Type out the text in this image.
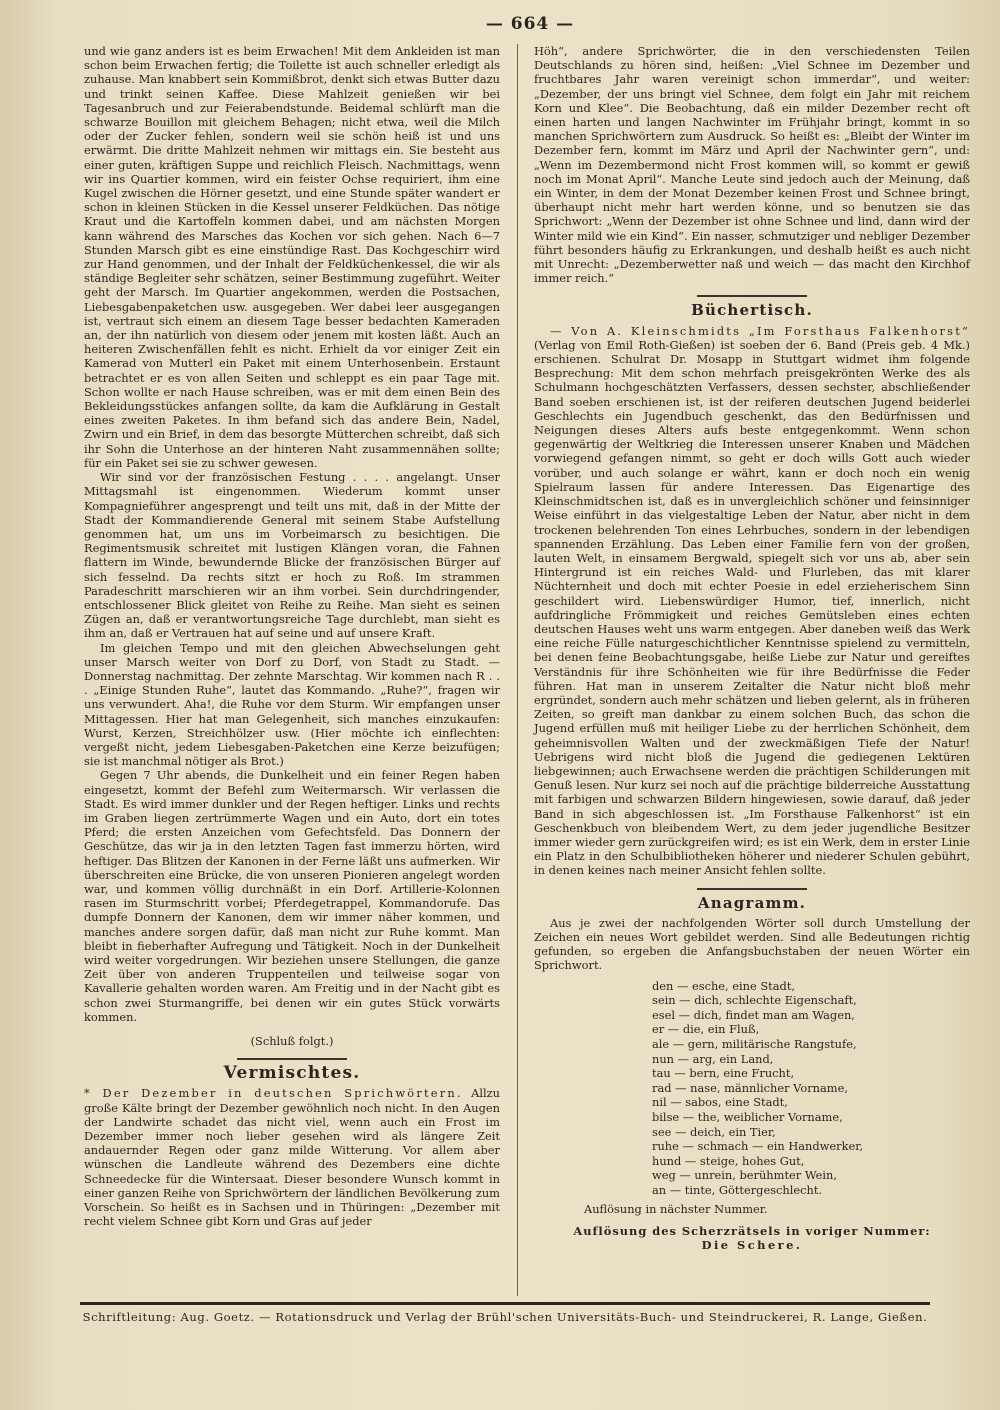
— 664 —

und wie ganz anders ist es beim Erwachen! Mit dem Ankleiden ist man schon beim Erwachen fertig; die Toilette ist auch schneller erledigt als zuhause. Man knabbert sein Kommißbrot, denkt sich etwas Butter dazu und trinkt seinen Kaffee. Diese Mahlzeit genießen wir bei Tagesanbruch und zur Feierabendstunde. Beidemal schlürft man die schwarze Bouillon mit gleichem Behagen; nicht etwa, weil die Milch oder der Zucker fehlen, sondern weil sie schön heiß ist und uns erwärmt. Die dritte Mahlzeit nehmen wir mittags ein. Sie besteht aus einer guten, kräftigen Suppe und reichlich Fleisch. Nachmittags, wenn wir ins Quartier kommen, wird ein feister Ochse requiriert, ihm eine Kugel zwischen die Hörner gesetzt, und eine Stunde später wandert er schon in kleinen Stücken in die Kessel unserer Feldküchen. Das nötige Kraut und die Kartoffeln kommen dabei, und am nächsten Morgen kann während des Marsches das Kochen vor sich gehen. Nach 6—7 Stunden Marsch gibt es eine einstündige Rast. Das Kochgeschirr wird zur Hand genommen, und der Inhalt der Feldküchenkessel, die wir als ständige Begleiter sehr schätzen, seiner Bestimmung zugeführt. Weiter geht der Marsch. Im Quartier angekommen, werden die Postsachen, Liebesgabenpaketchen usw. ausgegeben. Wer dabei leer ausgegangen ist, vertraut sich einem an diesem Tage besser bedachten Kameraden an, der ihn natürlich von diesem oder jenem mit kosten läßt. Auch an heiteren Zwischenfällen fehlt es nicht. Erhielt da vor einiger Zeit ein Kamerad von Mutterl ein Paket mit einem Unterhosenbein. Erstaunt betrachtet er es von allen Seiten und schleppt es ein paar Tage mit. Schon wollte er nach Hause schreiben, was er mit dem einen Bein des Bekleidungsstückes anfangen sollte, da kam die Aufklärung in Gestalt eines zweiten Paketes. In ihm befand sich das andere Bein, Nadel, Zwirn und ein Brief, in dem das besorgte Mütterchen schreibt, daß sich ihr Sohn die Unterhose an der hinteren Naht zusammennähen sollte; für ein Paket sei sie zu schwer gewesen.

Wir sind vor der französischen Festung . . . . angelangt. Unser Mittagsmahl ist eingenommen. Wiederum kommt unser Kompagnieführer angesprengt und teilt uns mit, daß in der Mitte der Stadt der Kommandierende General mit seinem Stabe Aufstellung genommen hat, um uns im Vorbeimarsch zu besichtigen. Die Regimentsmusik schreitet mit lustigen Klängen voran, die Fahnen flattern im Winde, bewundernde Blicke der französischen Bürger auf sich fesselnd. Da rechts sitzt er hoch zu Roß. Im strammen Paradeschritt marschieren wir an ihm vorbei. Sein durchdringender, entschlossener Blick gleitet von Reihe zu Reihe. Man sieht es seinen Zügen an, daß er verantwortungsreiche Tage durchlebt, man sieht es ihm an, daß er Vertrauen hat auf seine und auf unsere Kraft.

Im gleichen Tempo und mit den gleichen Abwechselungen geht unser Marsch weiter von Dorf zu Dorf, von Stadt zu Stadt. — Donnerstag nachmittag. Der zehnte Marschtag. Wir kommen nach R . . . „Einige Stunden Ruhe“, lautet das Kommando. „Ruhe?“, fragen wir uns verwundert. Aha!, die Ruhe vor dem Sturm. Wir empfangen unser Mittagessen. Hier hat man Gelegenheit, sich manches einzukaufen: Wurst, Kerzen, Streichhölzer usw. (Hier möchte ich einflechten: vergeßt nicht, jedem Liebesgaben-Paketchen eine Kerze beizufügen; sie ist manchmal nötiger als Brot.)

Gegen 7 Uhr abends, die Dunkelheit und ein feiner Regen haben eingesetzt, kommt der Befehl zum Weitermarsch. Wir verlassen die Stadt. Es wird immer dunkler und der Regen heftiger. Links und rechts im Graben liegen zertrümmerte Wagen und ein Auto, dort ein totes Pferd; die ersten Anzeichen vom Gefechtsfeld. Das Donnern der Geschütze, das wir ja in den letzten Tagen fast immerzu hörten, wird heftiger. Das Blitzen der Kanonen in der Ferne läßt uns aufmerken. Wir überschreiten eine Brücke, die von unseren Pionieren angelegt worden war, und kommen völlig durchnäßt in ein Dorf. Artillerie-Kolonnen rasen im Sturmschritt vorbei; Pferdegetrappel, Kommandorufe. Das dumpfe Donnern der Kanonen, dem wir immer näher kommen, und manches andere sorgen dafür, daß man nicht zur Ruhe kommt. Man bleibt in fieberhafter Aufregung und Tätigkeit. Noch in der Dunkelheit wird weiter vorgedrungen. Wir beziehen unsere Stellungen, die ganze Zeit über von anderen Truppenteilen und teilweise sogar von Kavallerie gehalten worden waren. Am Freitig und in der Nacht gibt es schon zwei Sturmangriffe, bei denen wir ein gutes Stück vorwärts kommen.

(Schluß folgt.)
Vermischtes.

* Der Dezember in deutschen Sprichwörtern. Allzu große Kälte bringt der Dezember gewöhnlich noch nicht. In den Augen der Landwirte schadet das nicht viel, wenn auch ein Frost im Dezember immer noch lieber gesehen wird als längere Zeit andauernder Regen oder ganz milde Witterung. Vor allem aber wünschen die Landleute während des Dezembers eine dichte Schneedecke für die Wintersaat. Dieser besondere Wunsch kommt in einer ganzen Reihe von Sprichwörtern der ländlichen Bevölkerung zum Vorschein. So heißt es in Sachsen und in Thüringen: „Dezember mit recht vielem Schnee gibt Korn und Gras auf jeder

Höh“, andere Sprichwörter, die in den verschiedensten Teilen Deutschlands zu hören sind, heißen: „Viel Schnee im Dezember und fruchtbares Jahr waren vereinigt schon immerdar“, und weiter: „Dezember, der uns bringt viel Schnee, dem folgt ein Jahr mit reichem Korn und Klee“. Die Beobachtung, daß ein milder Dezember recht oft einen harten und langen Nachwinter im Frühjahr bringt, kommt in so manchen Sprichwörtern zum Ausdruck. So heißt es: „Bleibt der Winter im Dezember fern, kommt im März und April der Nachwinter gern“, und: „Wenn im Dezembermond nicht Frost kommen will, so kommt er gewiß noch im Monat April“. Manche Leute sind jedoch auch der Meinung, daß ein Winter, in dem der Monat Dezember keinen Frost und Schnee bringt, überhaupt nicht mehr hart werden könne, und so benutzen sie das Sprichwort: „Wenn der Dezember ist ohne Schnee und lind, dann wird der Winter mild wie ein Kind“. Ein nasser, schmutziger und nebliger Dezember führt besonders häufig zu Erkrankungen, und deshalb heißt es auch nicht mit Unrecht: „Dezemberwetter naß und weich — das macht den Kirchhof immer reich.“

Büchertisch.

— Von A. Kleinschmidts „Im Forsthaus Falkenhorst“ (Verlag von Emil Roth-Gießen) ist soeben der 6. Band (Preis geb. 4 Mk.) erschienen. Schulrat Dr. Mosapp in Stuttgart widmet ihm folgende Besprechung: Mit dem schon mehrfach preisgekrönten Werke des als Schulmann hochgeschätzten Verfassers, dessen sechster, abschließender Band soeben erschienen ist, ist der reiferen deutschen Jugend beiderlei Geschlechts ein Jugendbuch geschenkt, das den Bedürfnissen und Neigungen dieses Alters aufs beste entgegenkommt. Wenn schon gegenwärtig der Weltkrieg die Interessen unserer Knaben und Mädchen vorwiegend gefangen nimmt, so geht er doch wills Gott auch wieder vorüber, und auch solange er währt, kann er doch noch ein wenig Spielraum lassen für andere Interessen. Das Eigenartige des Kleinschmidtschen ist, daß es in unvergleichlich schöner und feinsinniger Weise einführt in das vielgestaltige Leben der Natur, aber nicht in dem trockenen belehrenden Ton eines Lehrbuches, sondern in der lebendigen spannenden Erzählung. Das Leben einer Familie fern von der großen, lauten Welt, in einsamem Bergwald, spiegelt sich vor uns ab, aber sein Hintergrund ist ein reiches Wald- und Flurleben, das mit klarer Nüchternheit und doch mit echter Poesie in edel erzieherischem Sinn geschildert wird. Liebenswürdiger Humor, tief, innerlich, nicht aufdringliche Frömmigkeit und reiches Gemütsleben eines echten deutschen Hauses weht uns warm entgegen. Aber daneben weiß das Werk eine reiche Fülle naturgeschichtlicher Kenntnisse spielend zu vermitteln, bei denen feine Beobachtungsgabe, heiße Liebe zur Natur und gereiftes Verständnis für ihre Schönheiten wie für ihre Bedürfnisse die Feder führen. Hat man in unserem Zeitalter die Natur nicht bloß mehr ergründet, sondern auch mehr schätzen und lieben gelernt, als in früheren Zeiten, so greift man dankbar zu einem solchen Buch, das schon die Jugend erfüllen muß mit heiliger Liebe zu der herrlichen Schönheit, dem geheimnisvollen Walten und der zweckmäßigen Tiefe der Natur! Uebrigens wird nicht bloß die Jugend die gediegenen Lektüren liebgewinnen; auch Erwachsene werden die prächtigen Schilderungen mit Genuß lesen. Nur kurz sei noch auf die prächtige bilderreiche Ausstattung mit farbigen und schwarzen Bildern hingewiesen, sowie darauf, daß jeder Band in sich abgeschlossen ist. „Im Forsthause Falkenhorst“ ist ein Geschenkbuch von bleibendem Wert, zu dem jeder jugendliche Besitzer immer wieder gern zurückgreifen wird; es ist ein Werk, dem in erster Linie ein Platz in den Schulbibliotheken höherer und niederer Schulen gebührt, in denen keines nach meiner Ansicht fehlen sollte.

Anagramm.

Aus je zwei der nachfolgenden Wörter soll durch Umstellung der Zeichen ein neues Wort gebildet werden. Sind alle Bedeutungen richtig gefunden, so ergeben die Anfangsbuchstaben der neuen Wörter ein Sprichwort.

den — esche, eine Stadt,
sein — dich, schlechte Eigenschaft,
esel — dich, findet man am Wagen,
er — die, ein Fluß,
ale — gern, militärische Rangstufe,
nun — arg, ein Land,
tau — bern, eine Frucht,
rad — nase, männlicher Vorname,
nil — sabos, eine Stadt,
bilse — the, weiblicher Vorname,
see — deich, ein Tier,
ruhe — schmach — ein Handwerker,
hund — steige, hohes Gut,
weg — unrein, berühmter Wein,
an — tinte, Göttergeschlecht.
Auflösung in nächster Nummer.
Auflösung des Scherzrätsels in voriger Nummer:
Die Schere.
Schriftleitung: Aug. Goetz. — Rotationsdruck und Verlag der Brühl'schen Universitäts-Buch- und Steindruckerei, R. Lange, Gießen.
